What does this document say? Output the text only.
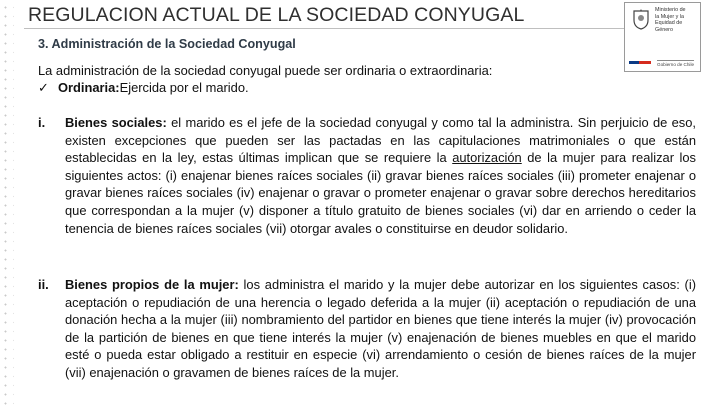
REGULACION ACTUAL DE LA SOCIEDAD CONYUGAL
3. Administración de la Sociedad Conyugal
Ministerio de
la Mujer y la
Equidad de
Género
Gobierno de Chile
La administración de la sociedad conyugal puede ser ordinaria o extraordinaria:
✓ Ordinaria:Ejercida por el marido.
i. Bienes sociales: el marido es el jefe de la sociedad conyugal y como tal la administra. Sin perjuicio de eso, existen excepciones que pueden ser las pactadas en las capitulaciones matrimoniales o que están establecidas en la ley, estas últimas implican que se requiere la autorización de la mujer para realizar los siguientes actos: (i) enajenar bienes raíces sociales (ii) gravar bienes raíces sociales (iii) prometer enajenar o gravar bienes raíces sociales (iv) enajenar o gravar o prometer enajenar o gravar sobre derechos hereditarios que correspondan a la mujer (v) disponer a título gratuito de bienes sociales (vi) dar en arriendo o ceder la tenencia de bienes raíces sociales (vii) otorgar avales o constituirse en deudor solidario.
ii. Bienes propios de la mujer: los administra el marido y la mujer debe autorizar en los siguientes casos: (i) aceptación o repudiación de una herencia o legado deferida a la mujer (ii) aceptación o repudiación de una donación hecha a la mujer (iii) nombramiento del partidor en bienes que tiene interés la mujer (iv) provocación de la partición de bienes en que tiene interés la mujer (v) enajenación de bienes muebles en que el marido esté o pueda estar obligado a restituir en especie (vi) arrendamiento o cesión de bienes raíces de la mujer (vii) enajenación o gravamen de bienes raíces de la mujer.
